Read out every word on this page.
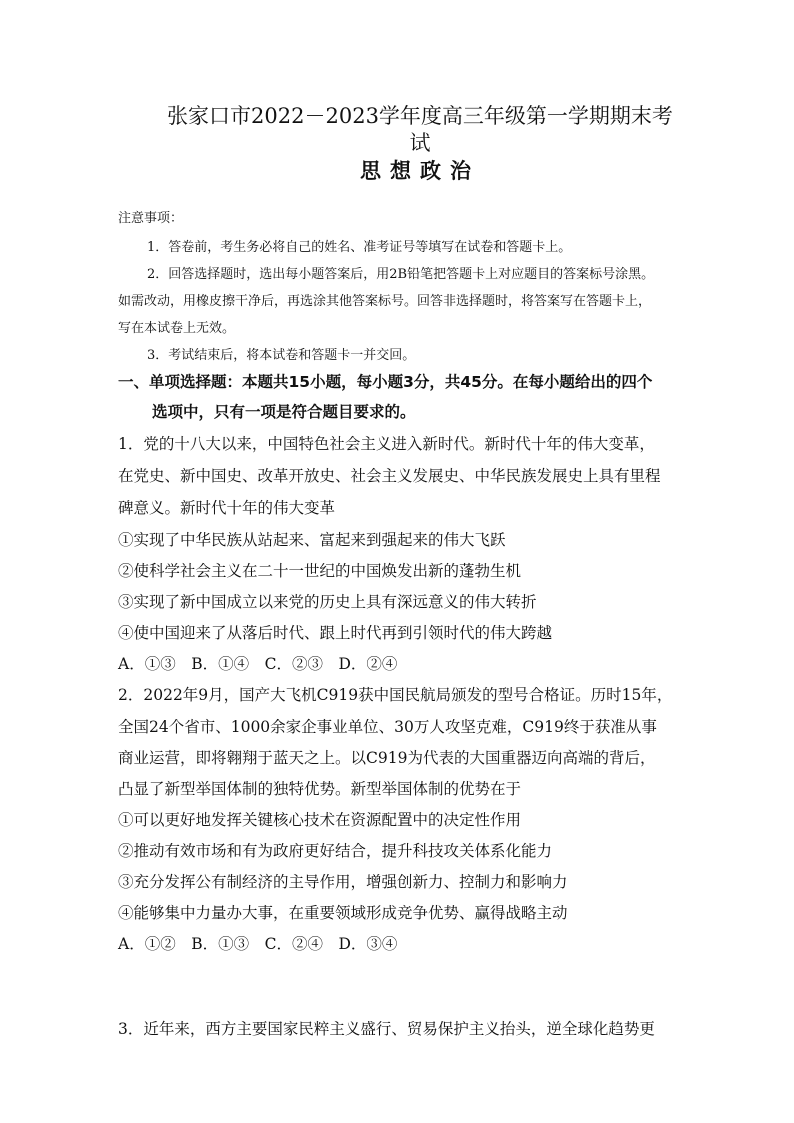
张家口市2022－2023学年度高三年级第一学期期末考
试
思想政治
注意事项：
1．答卷前，考生务必将自己的姓名、准考证号等填写在试卷和答题卡上。
2．回答选择题时，选出每小题答案后，用2B铅笔把答题卡上对应题目的答案标号涂黑。
如需改动，用橡皮擦干净后，再选涂其他答案标号。回答非选择题时，将答案写在答题卡上，
写在本试卷上无效。
3．考试结束后，将本试卷和答题卡一并交回。
一、单项选择题：本题共15小题，每小题3分，共45分。在每小题给出的四个
选项中，只有一项是符合题目要求的。
1．党的十八大以来，中国特色社会主义进入新时代。新时代十年的伟大变革，
在党史、新中国史、改革开放史、社会主义发展史、中华民族发展史上具有里程
碑意义。新时代十年的伟大变革
①实现了中华民族从站起来、富起来到强起来的伟大飞跃
②使科学社会主义在二十一世纪的中国焕发出新的蓬勃生机
③实现了新中国成立以来党的历史上具有深远意义的伟大转折
④使中国迎来了从落后时代、跟上时代再到引领时代的伟大跨越
A．①③　B．①④　C．②③　D．②④
2．2022年9月，国产大飞机C919获中国民航局颁发的型号合格证。历时15年，
全国24个省市、1000余家企事业单位、30万人攻坚克难，C919终于获准从事
商业运营，即将翱翔于蓝天之上。以C919为代表的大国重器迈向高端的背后，
凸显了新型举国体制的独特优势。新型举国体制的优势在于
①可以更好地发挥关键核心技术在资源配置中的决定性作用
②推动有效市场和有为政府更好结合，提升科技攻关体系化能力
③充分发挥公有制经济的主导作用，增强创新力、控制力和影响力
④能够集中力量办大事，在重要领域形成竞争优势、赢得战略主动
A．①②　B．①③　C．②④　D．③④
3．近年来，西方主要国家民粹主义盛行、贸易保护主义抬头，逆全球化趋势更
